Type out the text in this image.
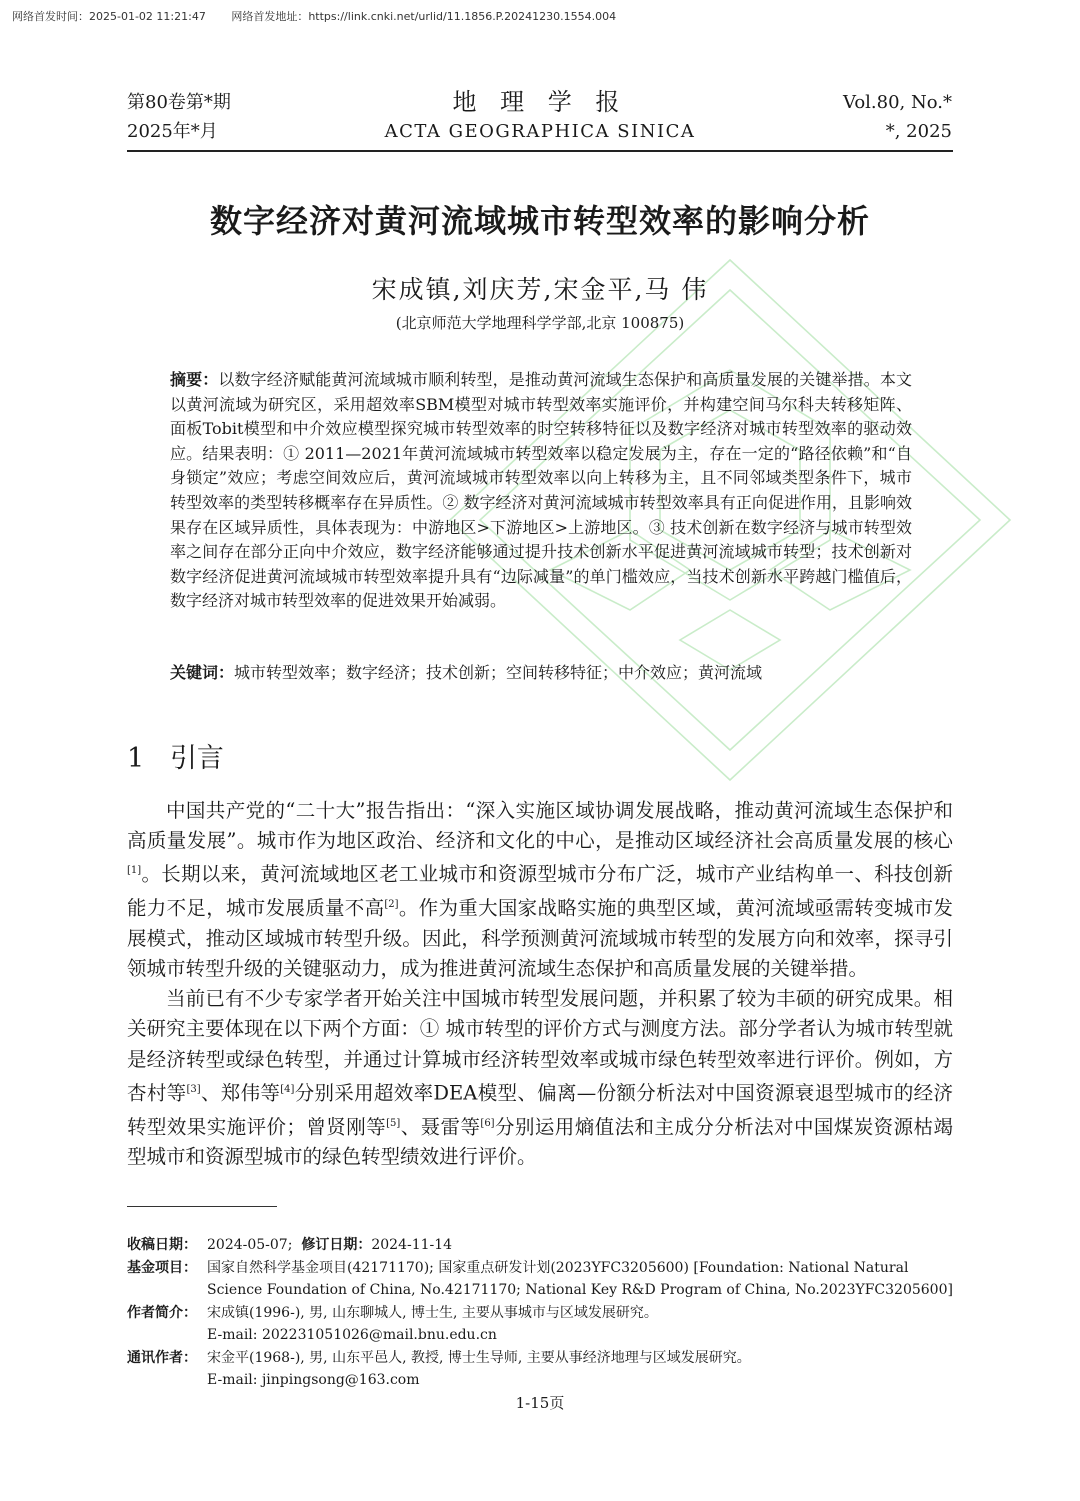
网络首发时间：2025-01-02 11:21:47 网络首发地址：https://link.cnki.net/urlid/11.1856.P.20241230.1554.004
第80卷第*期
2025年*月
地 理 学 报
ACTA GEOGRAPHICA SINICA
Vol.80, No.*
*, 2025
数字经济对黄河流域城市转型效率的影响分析
宋成镇,刘庆芳,宋金平,马 伟
(北京师范大学地理科学学部,北京 100875)
摘要：以数字经济赋能黄河流域城市顺利转型，是推动黄河流域生态保护和高质量发展的关键举措。本文以黄河流域为研究区，采用超效率SBM模型对城市转型效率实施评价，并构建空间马尔科夫转移矩阵、面板Tobit模型和中介效应模型探究城市转型效率的时空转移特征以及数字经济对城市转型效率的驱动效应。结果表明：① 2011—2021年黄河流域城市转型效率以稳定发展为主，存在一定的“路径依赖”和“自身锁定”效应；考虑空间效应后，黄河流域城市转型效率以向上转移为主，且不同邻域类型条件下，城市转型效率的类型转移概率存在异质性。② 数字经济对黄河流域城市转型效率具有正向促进作用，且影响效果存在区域异质性，具体表现为：中游地区>下游地区>上游地区。③ 技术创新在数字经济与城市转型效率之间存在部分正向中介效应，数字经济能够通过提升技术创新水平促进黄河流域城市转型；技术创新对数字经济促进黄河流域城市转型效率提升具有“边际减量”的单门槛效应，当技术创新水平跨越门槛值后，数字经济对城市转型效率的促进效果开始减弱。
关键词：城市转型效率；数字经济；技术创新；空间转移特征；中介效应；黄河流域
1 引言

中国共产党的“二十大”报告指出：“深入实施区域协调发展战略，推动黄河流域生态保护和高质量发展”。城市作为地区政治、经济和文化的中心，是推动区域经济社会高质量发展的核心[1]。长期以来，黄河流域地区老工业城市和资源型城市分布广泛，城市产业结构单一、科技创新能力不足，城市发展质量不高[2]。作为重大国家战略实施的典型区域，黄河流域亟需转变城市发展模式，推动区域城市转型升级。因此，科学预测黄河流域城市转型的发展方向和效率，探寻引领城市转型升级的关键驱动力，成为推进黄河流域生态保护和高质量发展的关键举措。

当前已有不少专家学者开始关注中国城市转型发展问题，并积累了较为丰硕的研究成果。相关研究主要体现在以下两个方面：① 城市转型的评价方式与测度方法。部分学者认为城市转型就是经济转型或绿色转型，并通过计算城市经济转型效率或城市绿色转型效率进行评价。例如，方杏村等[3]、郑伟等[4]分别采用超效率DEA模型、偏离—份额分析法对中国资源衰退型城市的经济转型效果实施评价；曾贤刚等[5]、聂雷等[6]分别运用熵值法和主成分分析法对中国煤炭资源枯竭型城市和资源型城市的绿色转型绩效进行评价。

收稿日期： 2024-05-07; 修订日期：2024-11-14
基金项目： 国家自然科学基金项目(42171170); 国家重点研发计划(2023YFC3205600) [Foundation: National Natural Science Foundation of China, No.42171170; National Key R&D Program of China, No.2023YFC3205600]
作者简介： 宋成镇(1996-), 男, 山东聊城人, 博士生, 主要从事城市与区域发展研究。
E-mail: 202231051026@mail.bnu.edu.cn
通讯作者： 宋金平(1968-), 男, 山东平邑人, 教授, 博士生导师, 主要从事经济地理与区域发展研究。
E-mail: jinpingsong@163.com
1-15页
